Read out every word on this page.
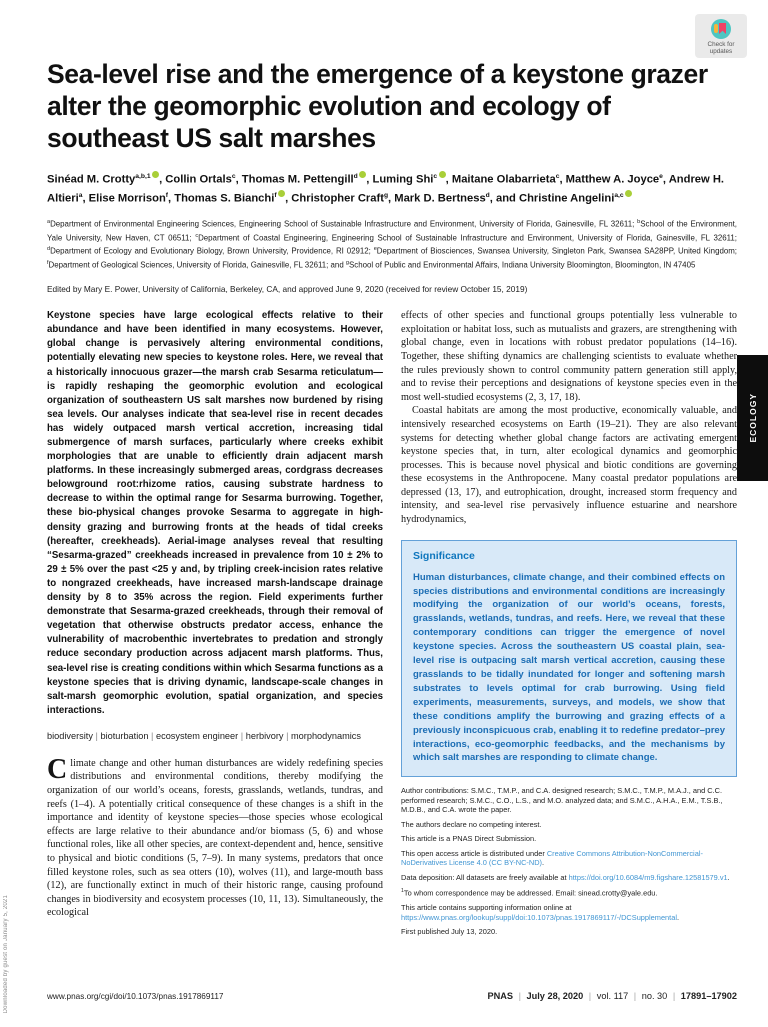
Check for updates
Sea-level rise and the emergence of a keystone grazer alter the geomorphic evolution and ecology of southeast US salt marshes
Sinéad M. Crotty$^{a,b,1}$ , Collin Ortals$^c$, Thomas M. Pettengill$^d$ , Luming Shi$^c$ , Maitane Olabarrieta$^c$, Matthew A. Joyce$^e$, Andrew H. Altieri$^a$, Elise Morrison$^f$, Thomas S. Bianchi$^f$ , Christopher Craft$^g$, Mark D. Bertness$^d$, and Christine Angelini$^{a,c}$
$^a$Department of Environmental Engineering Sciences, Engineering School of Sustainable Infrastructure and Environment, University of Florida, Gainesville, FL 32611; $^b$School of the Environment, Yale University, New Haven, CT 06511; $^c$Department of Coastal Engineering, Engineering School of Sustainable Infrastructure and Environment, University of Florida, Gainesville, FL 32611; $^d$Department of Ecology and Evolutionary Biology, Brown University, Providence, RI 02912; $^e$Department of Biosciences, Swansea University, Singleton Park, Swansea SA28PP, United Kingdom; $^f$Department of Geological Sciences, University of Florida, Gainesville, FL 32611; and $^g$School of Public and Environmental Affairs, Indiana University Bloomington, Bloomington, IN 47405
Edited by Mary E. Power, University of California, Berkeley, CA, and approved June 9, 2020 (received for review October 15, 2019)
Keystone species have large ecological effects relative to their abundance and have been identified in many ecosystems. However, global change is pervasively altering environmental conditions, potentially elevating new species to keystone roles. Here, we reveal that a historically innocuous grazer—the marsh crab Sesarma reticulatum—is rapidly reshaping the geomorphic evolution and ecological organization of southeastern US salt marshes now burdened by rising sea levels. Our analyses indicate that sea-level rise in recent decades has widely outpaced marsh vertical accretion, increasing tidal submergence of marsh surfaces, particularly where creeks exhibit morphologies that are unable to efficiently drain adjacent marsh platforms. In these increasingly submerged areas, cordgrass decreases belowground root:rhizome ratios, causing substrate hardness to decrease to within the optimal range for Sesarma burrowing. Together, these bio-physical changes provoke Sesarma to aggregate in high-density grazing and burrowing fronts at the heads of tidal creeks (hereafter, creekheads). Aerial-image analyses reveal that resulting “Sesarma-grazed” creekheads increased in prevalence from 10 ± 2% to 29 ± 5% over the past <25 y and, by tripling creek-incision rates relative to nongrazed creekheads, have increased marsh-landscape drainage density by 8 to 35% across the region. Field experiments further demonstrate that Sesarma-grazed creekheads, through their removal of vegetation that otherwise obstructs predator access, enhance the vulnerability of macrobenthic invertebrates to predation and strongly reduce secondary production across adjacent marsh platforms. Thus, sea-level rise is creating conditions within which Sesarma functions as a keystone species that is driving dynamic, landscape-scale changes in salt-marsh geomorphic evolution, spatial organization, and species interactions.
biodiversity | bioturbation | ecosystem engineer | herbivory | morphodynamics

Climate change and other human disturbances are widely redefining species distributions and environmental conditions, thereby modifying the organization of our world’s oceans, forests, grasslands, wetlands, tundras, and reefs (1–4). A potentially critical consequence of these changes is a shift in the importance and identity of keystone species—those species whose ecological effects are large relative to their abundance and/or biomass (5, 6) and whose functional roles, like all other species, are context-dependent and, hence, sensitive to physical and biotic conditions (5, 7–9). In many systems, predators that once filled keystone roles, such as sea otters (10), wolves (11), and large-mouth bass (12), are functionally extinct in much of their historic range, causing profound changes in biodiversity and ecosystem processes (10, 11, 13). Simultaneously, the ecological

effects of other species and functional groups potentially less vulnerable to exploitation or habitat loss, such as mutualists and grazers, are strengthening with global change, even in locations with robust predator populations (14–16). Together, these shifting dynamics are challenging scientists to evaluate whether the rules previously shown to control community pattern generation still apply, and to revise their perceptions and designations of keystone species even in the most well-studied ecosystems (2, 3, 17, 18).

Coastal habitats are among the most productive, economically valuable, and intensively researched ecosystems on Earth (19–21). They are also relevant systems for detecting whether global change factors are activating emergent keystone species that, in turn, alter ecological dynamics and geomorphic processes. This is because novel physical and biotic conditions are governing these ecosystems in the Anthropocene. Many coastal predator populations are depressed (13, 17), and eutrophication, drought, increased storm frequency and intensity, and sea-level rise pervasively influence estuarine and nearshore hydrodynamics,

Significance

Human disturbances, climate change, and their combined effects on species distributions and environmental conditions are increasingly modifying the organization of our world’s oceans, forests, grasslands, wetlands, tundras, and reefs. Here, we reveal that these contemporary conditions can trigger the emergence of novel keystone species. Across the southeastern US coastal plain, sea-level rise is outpacing salt marsh vertical accretion, causing these grasslands to be tidally inundated for longer and softening marsh substrates to levels optimal for crab burrowing. Using field experiments, measurements, surveys, and models, we show that these conditions amplify the burrowing and grazing effects of a previously inconspicuous crab, enabling it to redefine predator–prey interactions, eco-geomorphic feedbacks, and the mechanisms by which salt marshes are responding to climate change.

Author contributions: S.M.C., T.M.P., and C.A. designed research; S.M.C., T.M.P., M.A.J., and C.C. performed research; S.M.C., C.O., L.S., and M.O. analyzed data; and S.M.C., A.H.A., E.M., T.S.B., M.D.B., and C.A. wrote the paper.
The authors declare no competing interest.
This article is a PNAS Direct Submission.
This open access article is distributed under Creative Commons Attribution-NonCommercial-NoDerivatives License 4.0 (CC BY-NC-ND).
Data deposition: All datasets are freely available at https://doi.org/10.6084/m9.figshare.12581579.v1.
$^1$To whom correspondence may be addressed. Email: sinead.crotty@yale.edu.
This article contains supporting information online at https://www.pnas.org/lookup/suppl/doi:10.1073/pnas.1917869117/-/DCSupplemental.
First published July 13, 2020.
ECOLOGY
Downloaded by guest on January 5, 2021	www.pnas.org/cgi/doi/10.1073/pnas.1917869117	PNAS | July 28, 2020 | vol. 117 | no. 30 | 17891–17902
